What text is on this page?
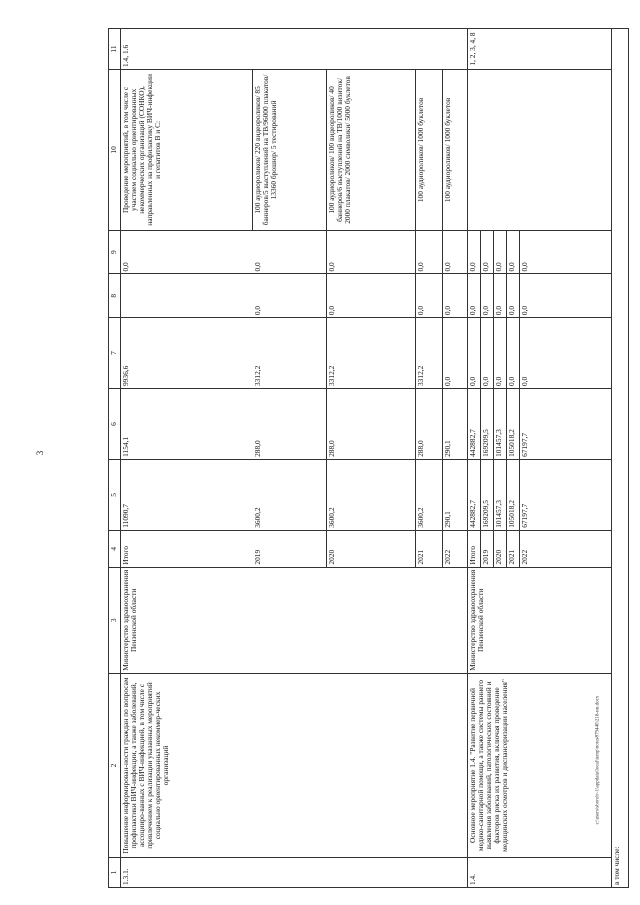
3
c:\users\sboroh~1\appdata\local\temp\notes879440\216-ин.docx
1	2	3	4	5	6	7	8	9	10	11
1.3.1.	Повышение информирован-ности граждан по вопросам профилактики ВИЧ-инфекции, а также заболеваний, ассоцииро-ванных с ВИЧ-инфекцией, в том числе с привлечением к реализации указанных мероприятий социально ориентированных некоммер-ческих организаций	Министерство здравоохранения Пензенской области	Итого	11090,7	1154,1	9936,6		0,0	Проведение мероприятий, в том числе с участием социально ориентированных некоммерческих организаций (СОНКО), направленных на профилактику ВИЧ-инфекции и гепатитов В и С:	1.4, 1.6
			2019	3600,2	288,0	3312,2	0,0	0,0	100 аудиороликов/ 220 видеороликов/ 85 баннеров/5 выступлений на ТВ/96000 плакатов/ 13360 брошюр/ 5 тестирований	
			2020	3600,2	288,0	3312,2	0,0	0,0	100 аудиороликов/ 100 видеороликов/ 40 баннеров/6 выступлений на ТВ/1000 визиток/ 2000 плакатов/ 2000 символики/ 5000 буклетов	
			2021	3600,2	288,0	3312,2	0,0	0,0	100 аудиороликов/ 1000 буклетов	
			2022	290,1	290,1	0,0	0,0	0,0	100 аудиороликов/ 1000 буклетов	
1.4.	Основное мероприятие 1.4. "Развитие первичной медико-санитарной помощи, а также системы раннего выявления заболеваний, патологических состояний и факторов риска их развития, включая проведение медицинских осмотров и диспансеризации населения"	Министерство здравоохранения Пензенской области	Итого	442882,7	442882,7	0,0	0,0	0,0		1, 2, 3, 4, 8
			2019	169209,5	169209,5	0,0	0,0	0,0		
			2020	101457,3	101457,3	0,0	0,0	0,0		
			2021	105018,2	105018,2	0,0	0,0	0,0		
			2022	67197,7	67197,7	0,0	0,0	0,0		
в том числе:										
